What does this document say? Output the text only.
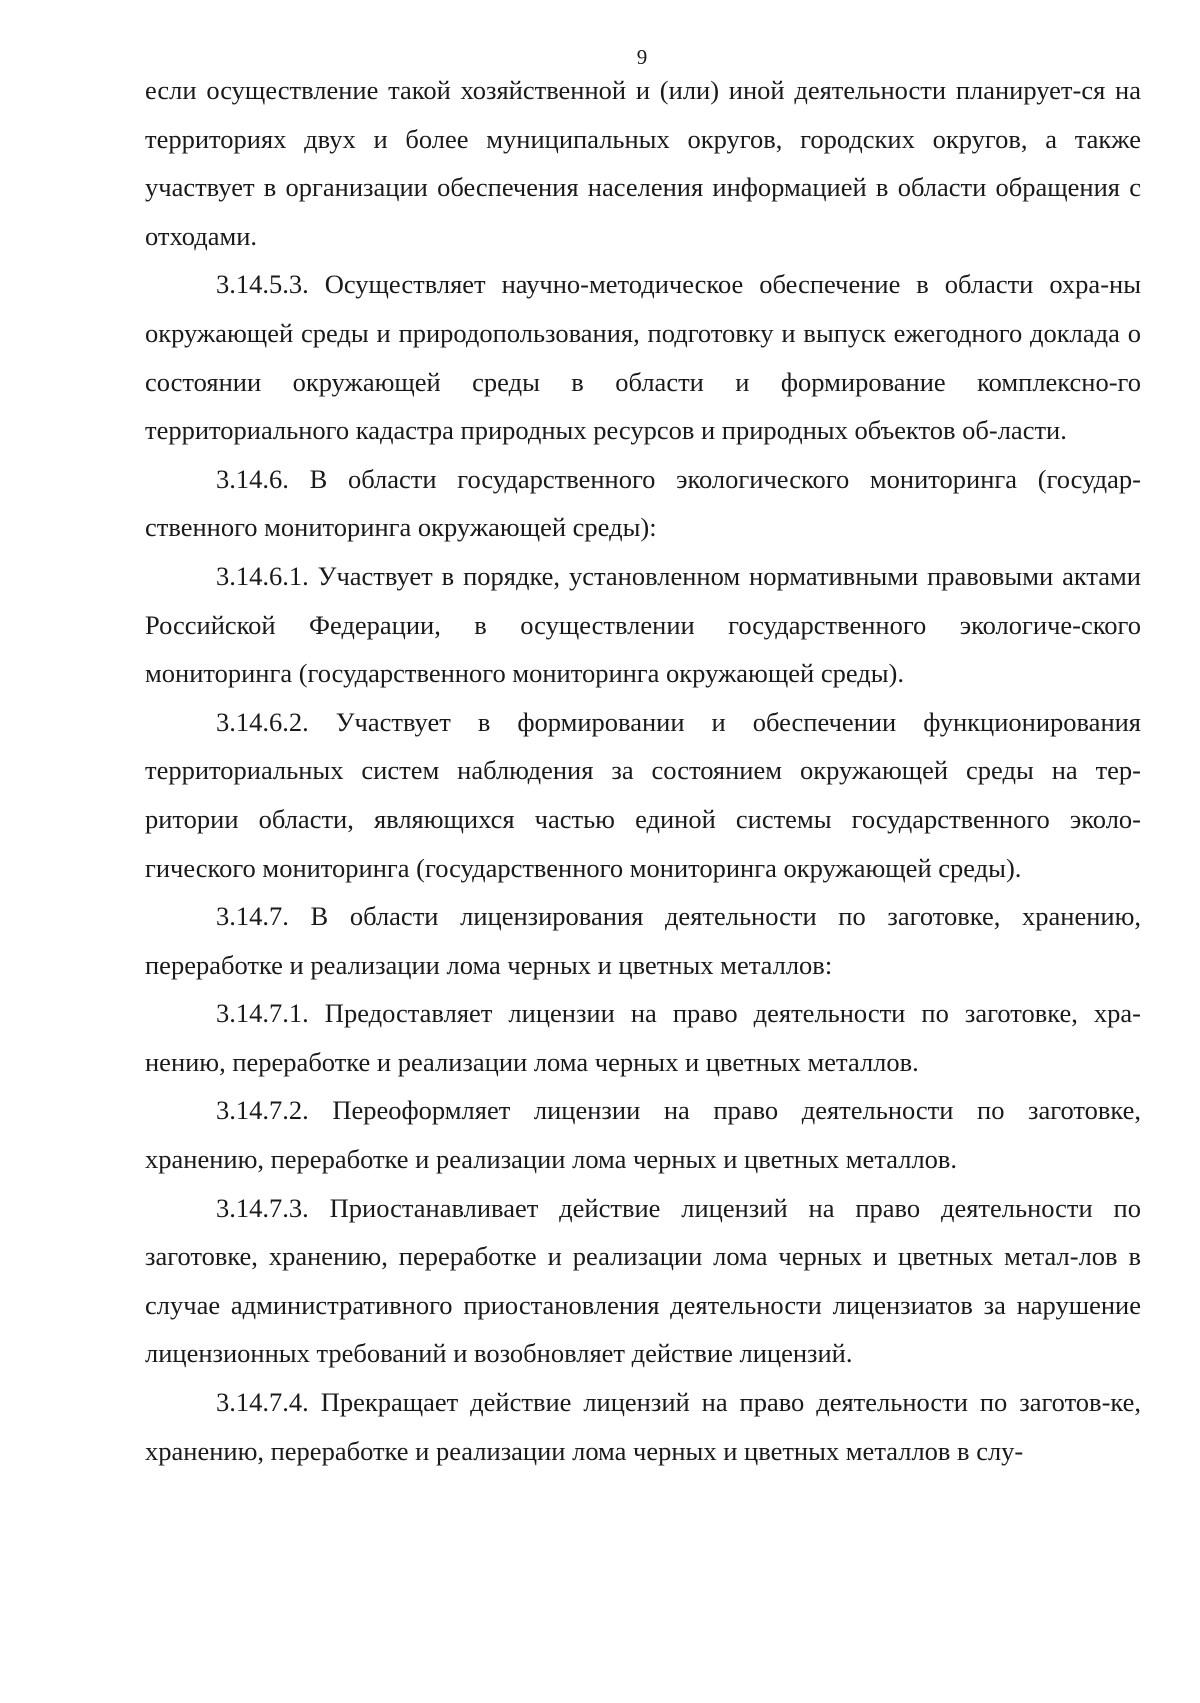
9

если осуществление такой хозяйственной и (или) иной деятельности планирует-ся на территориях двух и более муниципальных округов, городских округов, а также участвует в организации обеспечения населения информацией в области обращения с отходами.

3.14.5.3. Осуществляет научно-методическое обеспечение в области охра-ны окружающей среды и природопользования, подготовку и выпуск ежегодного доклада о состоянии окружающей среды в области и формирование комплексно-го территориального кадастра природных ресурсов и природных объектов об-ласти.

3.14.6. В области государственного экологического мониторинга (государ-ственного мониторинга окружающей среды):

3.14.6.1. Участвует в порядке, установленном нормативными правовыми актами Российской Федерации, в осуществлении государственного экологиче-ского мониторинга (государственного мониторинга окружающей среды).

3.14.6.2. Участвует в формировании и обеспечении функционирования территориальных систем наблюдения за состоянием окружающей среды на тер-ритории области, являющихся частью единой системы государственного эколо-гического мониторинга (государственного мониторинга окружающей среды).

3.14.7. В области лицензирования деятельности по заготовке, хранению, переработке и реализации лома черных и цветных металлов:

3.14.7.1. Предоставляет лицензии на право деятельности по заготовке, хра-нению, переработке и реализации лома черных и цветных металлов.

3.14.7.2. Переоформляет лицензии на право деятельности по заготовке, хранению, переработке и реализации лома черных и цветных металлов.

3.14.7.3. Приостанавливает действие лицензий на право деятельности по заготовке, хранению, переработке и реализации лома черных и цветных метал-лов в случае административного приостановления деятельности лицензиатов за нарушение лицензионных требований и возобновляет действие лицензий.

3.14.7.4. Прекращает действие лицензий на право деятельности по заготов-ке, хранению, переработке и реализации лома черных и цветных металлов в слу-
